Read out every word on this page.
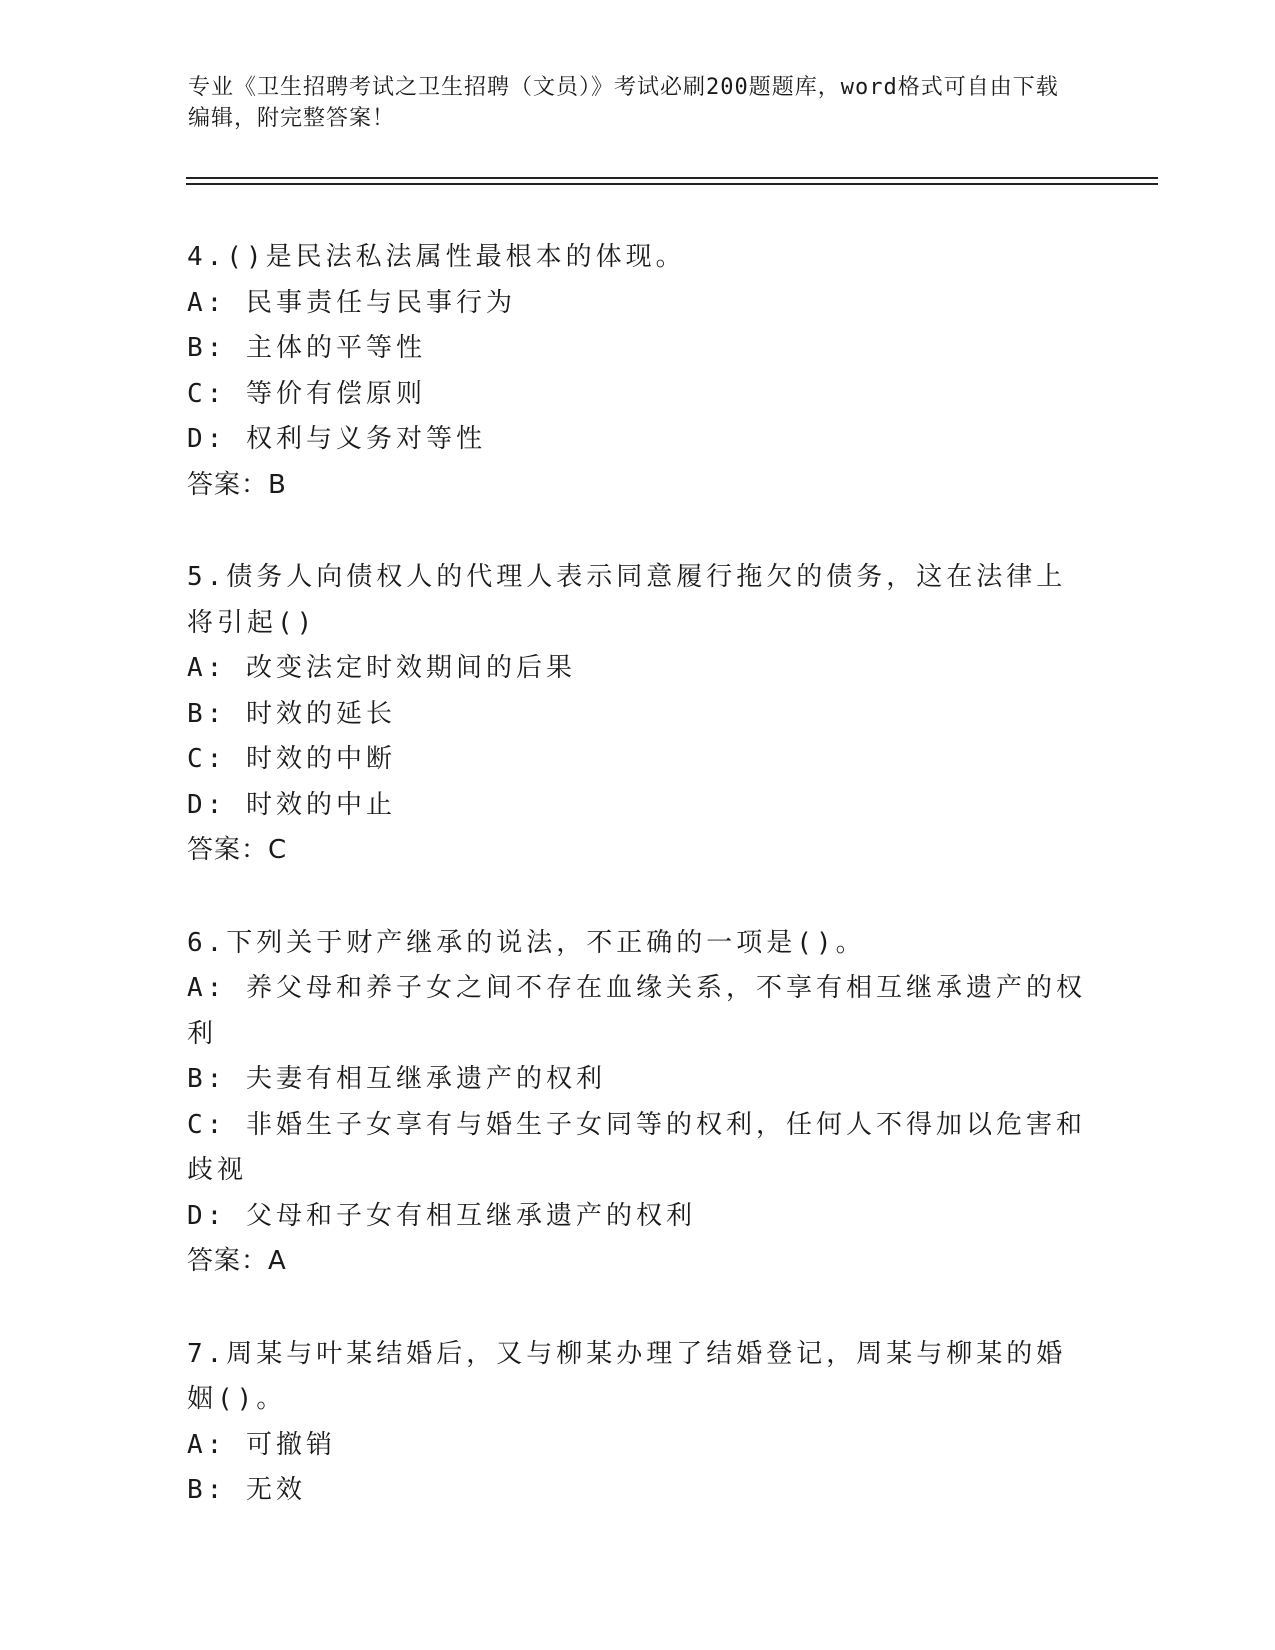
专业《卫生招聘考试之卫生招聘（文员）》考试必刷200题题库，word格式可自由下载编辑，附完整答案！
4.()是民法私法属性最根本的体现。
A: 民事责任与民事行为
B: 主体的平等性
C: 等价有偿原则
D: 权利与义务对等性
答案：B
5.债务人向债权人的代理人表示同意履行拖欠的债务，这在法律上将引起()
A: 改变法定时效期间的后果
B: 时效的延长
C: 时效的中断
D: 时效的中止
答案：C
6.下列关于财产继承的说法，不正确的一项是()。
A: 养父母和养子女之间不存在血缘关系，不享有相互继承遗产的权利
B: 夫妻有相互继承遗产的权利
C: 非婚生子女享有与婚生子女同等的权利，任何人不得加以危害和歧视
D: 父母和子女有相互继承遗产的权利
答案：A
7.周某与叶某结婚后，又与柳某办理了结婚登记，周某与柳某的婚姻()。
A: 可撤销
B: 无效
